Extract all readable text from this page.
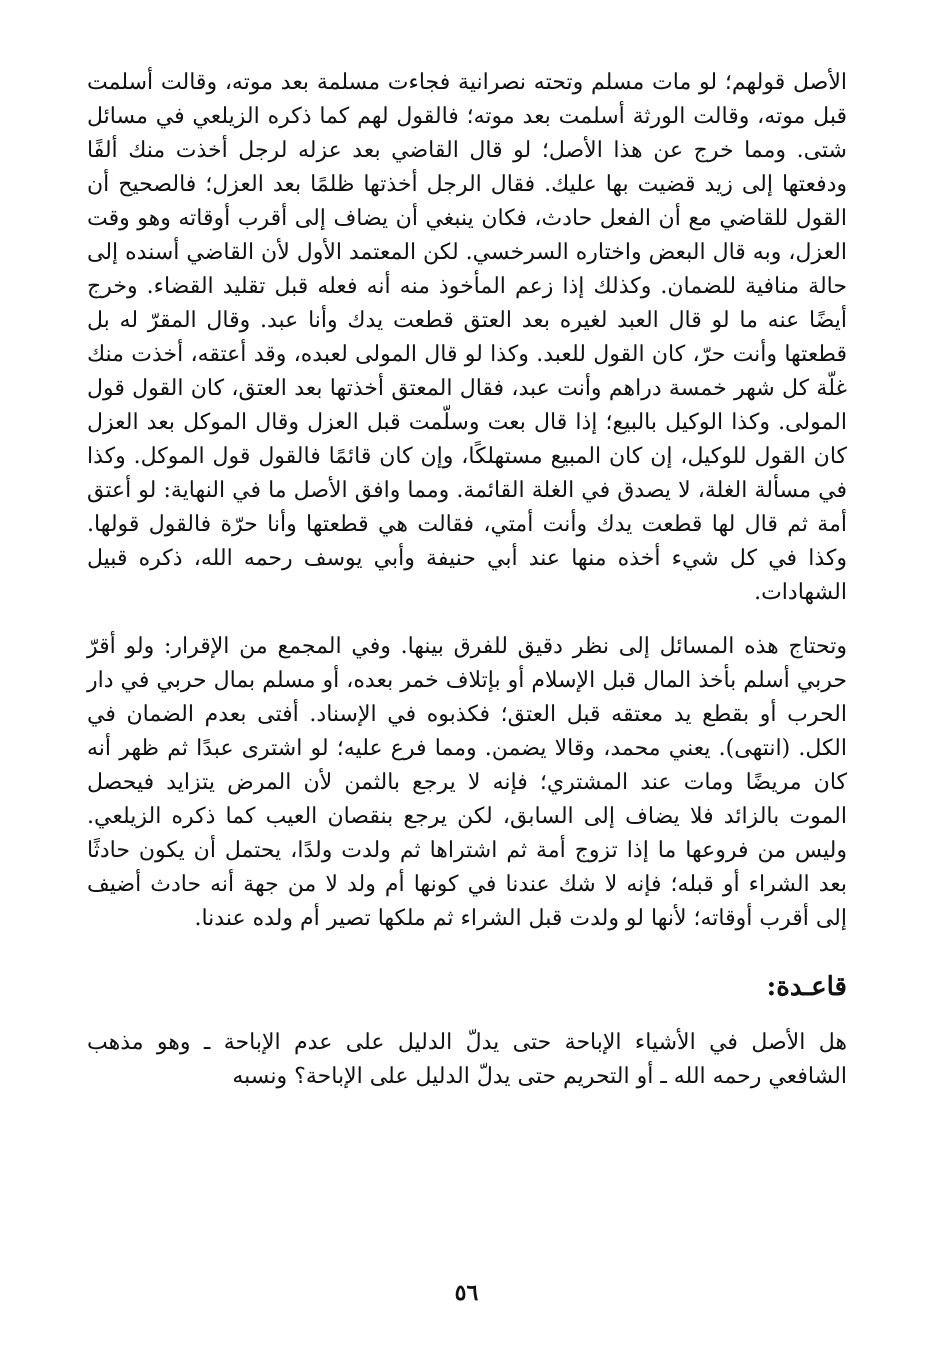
الأصل قولهم؛ لو مات مسلم وتحته نصرانية فجاءت مسلمة بعد موته، وقالت أسلمت قبل موته، وقالت الورثة أسلمت بعد موته؛ فالقول لهم كما ذكره الزيلعي في مسائل شتى. ومما خرج عن هذا الأصل؛ لو قال القاضي بعد عزله لرجل أخذت منك ألفًا ودفعتها إلى زيد قضيت بها عليك. فقال الرجل أخذتها ظلمًا بعد العزل؛ فالصحيح أن القول للقاضي مع أن الفعل حادث، فكان ينبغي أن يضاف إلى أقرب أوقاته وهو وقت العزل، وبه قال البعض واختاره السرخسي. لكن المعتمد الأول لأن القاضي أسنده إلى حالة منافية للضمان. وكذلك إذا زعم المأخوذ منه أنه فعله قبل تقليد القضاء. وخرج أيضًا عنه ما لو قال العبد لغيره بعد العتق قطعت يدك وأنا عبد. وقال المقرّ له بل قطعتها وأنت حرّ، كان القول للعبد. وكذا لو قال المولى لعبده، وقد أعتقه، أخذت منك غلّة كل شهر خمسة دراهم وأنت عبد، فقال المعتق أخذتها بعد العتق، كان القول قول المولى. وكذا الوكيل بالبيع؛ إذا قال بعت وسلّمت قبل العزل وقال الموكل بعد العزل كان القول للوكيل، إن كان المبيع مستهلكًا، وإن كان قائمًا فالقول قول الموكل. وكذا في مسألة الغلة، لا يصدق في الغلة القائمة. ومما وافق الأصل ما في النهاية: لو أعتق أمة ثم قال لها قطعت يدك وأنت أمتي، فقالت هي قطعتها وأنا حرّة فالقول قولها. وكذا في كل شيء أخذه منها عند أبي حنيفة وأبي يوسف رحمه الله، ذكره قبيل الشهادات.

وتحتاج هذه المسائل إلى نظر دقيق للفرق بينها. وفي المجمع من الإقرار: ولو أقرّ حربي أسلم بأخذ المال قبل الإسلام أو بإتلاف خمر بعده، أو مسلم بمال حربي في دار الحرب أو بقطع يد معتقه قبل العتق؛ فكذبوه في الإسناد. أفتى بعدم الضمان في الكل. (انتهى). يعني محمد، وقالا يضمن. ومما فرع عليه؛ لو اشترى عبدًا ثم ظهر أنه كان مريضًا ومات عند المشتري؛ فإنه لا يرجع بالثمن لأن المرض يتزايد فيحصل الموت بالزائد فلا يضاف إلى السابق، لكن يرجع بنقصان العيب كما ذكره الزيلعي. وليس من فروعها ما إذا تزوج أمة ثم اشتراها ثم ولدت ولدًا، يحتمل أن يكون حادثًا بعد الشراء أو قبله؛ فإنه لا شك عندنا في كونها أم ولد لا من جهة أنه حادث أضيف إلى أقرب أوقاته؛ لأنها لو ولدت قبل الشراء ثم ملكها تصير أم ولده عندنا.

قاعـدة:

هل الأصل في الأشياء الإباحة حتى يدلّ الدليل على عدم الإباحة ـ وهو مذهب الشافعي رحمه الله ـ أو التحريم حتى يدلّ الدليل على الإباحة؟ ونسبه

٥٦
